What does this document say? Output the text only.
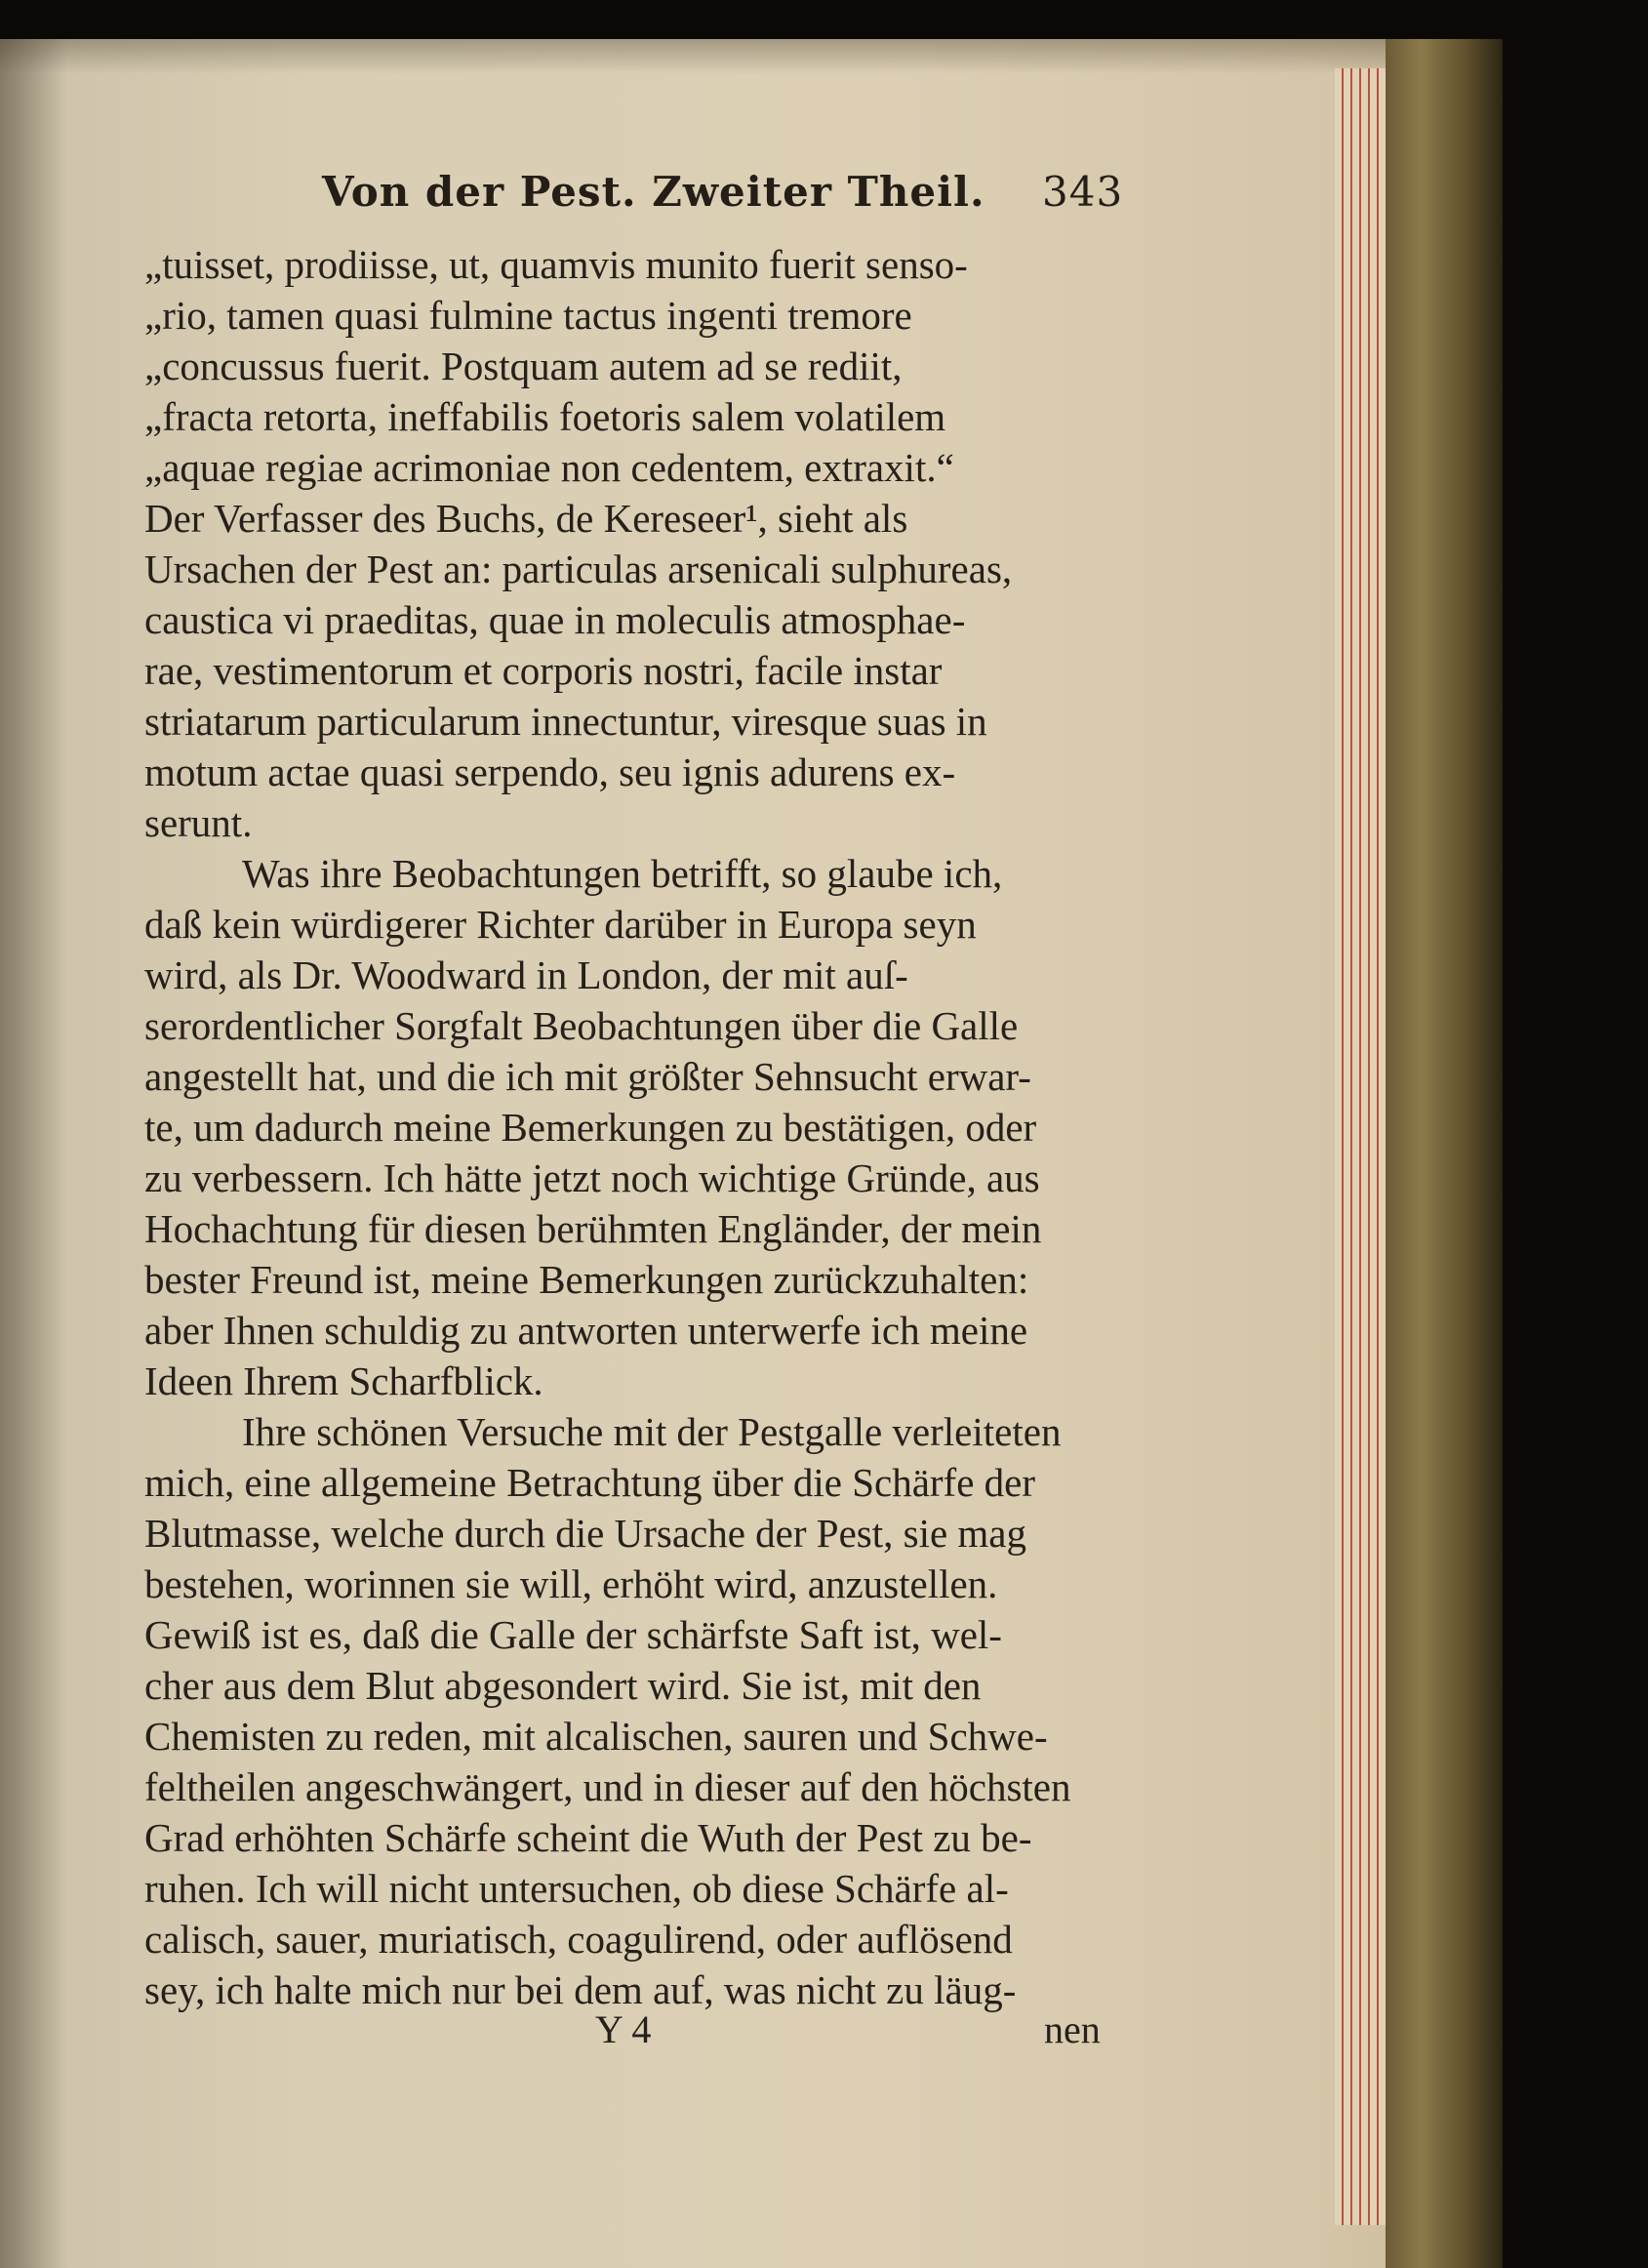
Von der Pest. Zweiter Theil. 343
„tuisset, prodiisse, ut, quamvis munito fuerit senso-
„rio, tamen quasi fulmine tactus ingenti tremore
„concussus fuerit. Postquam autem ad se rediit,
„fracta retorta, ineffabilis foetoris salem volatilem
„aquae regiae acrimoniae non cedentem, extraxit.“
Der Verfasser des Buchs, de Kereseer¹, sieht als
Ursachen der Pest an: particulas arsenicali sulphureas,
caustica vi praeditas, quae in moleculis atmosphae-
rae, vestimentorum et corporis nostri, facile instar
striatarum particularum innectuntur, viresque suas in
motum actae quasi serpendo, seu ignis adurens ex-
serunt.
Was ihre Beobachtungen betrifft, so glaube ich,
daß kein würdigerer Richter darüber in Europa seyn
wird, als Dr. Woodward in London, der mit auſ-
serordentlicher Sorgfalt Beobachtungen über die Galle
angestellt hat, und die ich mit größter Sehnsucht erwar-
te, um dadurch meine Bemerkungen zu bestätigen, oder
zu verbessern. Ich hätte jetzt noch wichtige Gründe, aus
Hochachtung für diesen berühmten Engländer, der mein
bester Freund ist, meine Bemerkungen zurückzuhalten:
aber Ihnen schuldig zu antworten unterwerfe ich meine
Ideen Ihrem Scharfblick.
Ihre schönen Versuche mit der Pestgalle verleiteten
mich, eine allgemeine Betrachtung über die Schärfe der
Blutmasse, welche durch die Ursache der Pest, sie mag
bestehen, worinnen sie will, erhöht wird, anzustellen.
Gewiß ist es, daß die Galle der schärfste Saft ist, wel-
cher aus dem Blut abgesondert wird. Sie ist, mit den
Chemisten zu reden, mit alcalischen, sauren und Schwe-
feltheilen angeschwängert, und in dieser auf den höchsten
Grad erhöhten Schärfe scheint die Wuth der Pest zu be-
ruhen. Ich will nicht untersuchen, ob diese Schärfe al-
calisch, sauer, muriatisch, coagulirend, oder auflösend
sey, ich halte mich nur bei dem auf, was nicht zu läug-
Y 4	nen
